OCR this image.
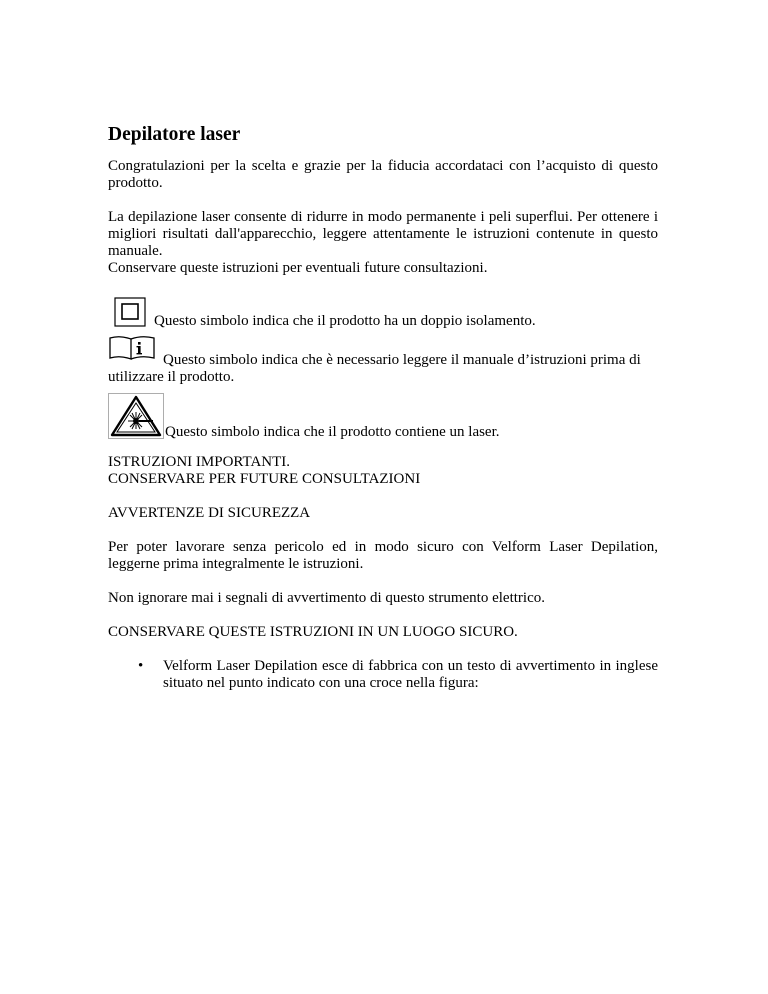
Depilatore laser

Congratulazioni per la scelta e grazie per la fiducia accordataci con l’acquisto di questo prodotto.

La depilazione laser consente di ridurre in modo permanente i peli superflui. Per ottenere i migliori risultati dall'apparecchio, leggere attentamente le istruzioni contenute in questo manuale.
Conservare queste istruzioni per eventuali future consultazioni.

Questo simbolo indica che il prodotto ha un doppio isolamento.
Questo simbolo indica che è necessario leggere il manuale d’istruzioni prima di
utilizzare il prodotto.
Questo simbolo indica che il prodotto contiene un laser.

ISTRUZIONI IMPORTANTI.
CONSERVARE PER FUTURE CONSULTAZIONI

AVVERTENZE DI SICUREZZA

Per poter lavorare senza pericolo ed in modo sicuro con Velform Laser Depilation, leggerne prima integralmente le istruzioni.

Non ignorare mai i segnali di avvertimento di questo strumento elettrico.

CONSERVARE QUESTE ISTRUZIONI IN UN LUOGO SICURO.

• Velform Laser Depilation esce di fabbrica con un testo di avvertimento in inglese situato nel punto indicato con una croce nella figura:
